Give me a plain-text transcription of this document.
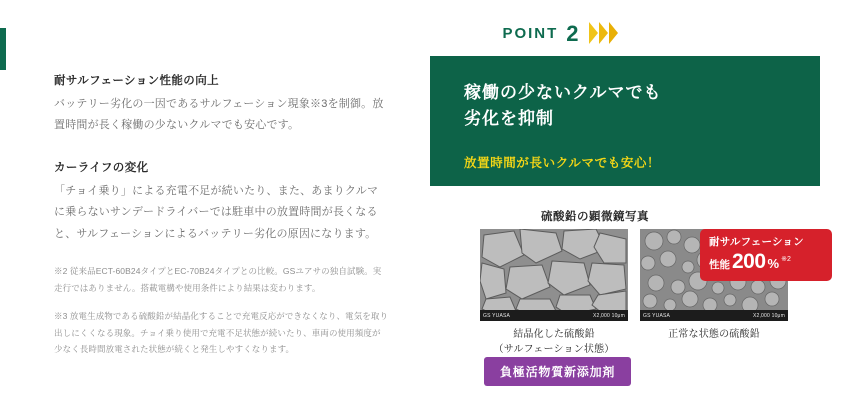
耐サルフェーション性能の向上
バッテリー劣化の一因であるサルフェーション現象※3を制御。放置時間が長く稼働の少ないクルマでも安心です。
カーライフの変化
「チョイ乗り」による充電不足が続いたり、また、あまりクルマに乗らないサンデードライバーでは駐車中の放置時間が長くなると、サルフェーションによるバッテリー劣化の原因になります。
※2 従来品ECT-60B24タイプとEC-70B24タイプとの比較。GSユアサの独自試験。実走行ではありません。搭載電構や使用条件により結果は変わります。
※3 放電生成物である硫酸鉛が結晶化することで充電反応ができなくなり、電気を取り出しにくくなる現象。チョイ乗り使用で充電不足状態が続いたり、車両の使用頻度が少なく長時間放電された状態が続くと発生しやすくなります。
POINT 2
稼働の少ないクルマでも
劣化を抑制
放置時間が長いクルマでも安心！
硫酸鉛の顕微鏡写真
GS YUASA	X2,000 10μm
結晶化した硫酸鉛
（サルフェーション状態）
GS YUASA	X2,000 10μm
正常な状態の硫酸鉛
耐サルフェーション
性能 200 % ※2
負極活物質新添加剤
